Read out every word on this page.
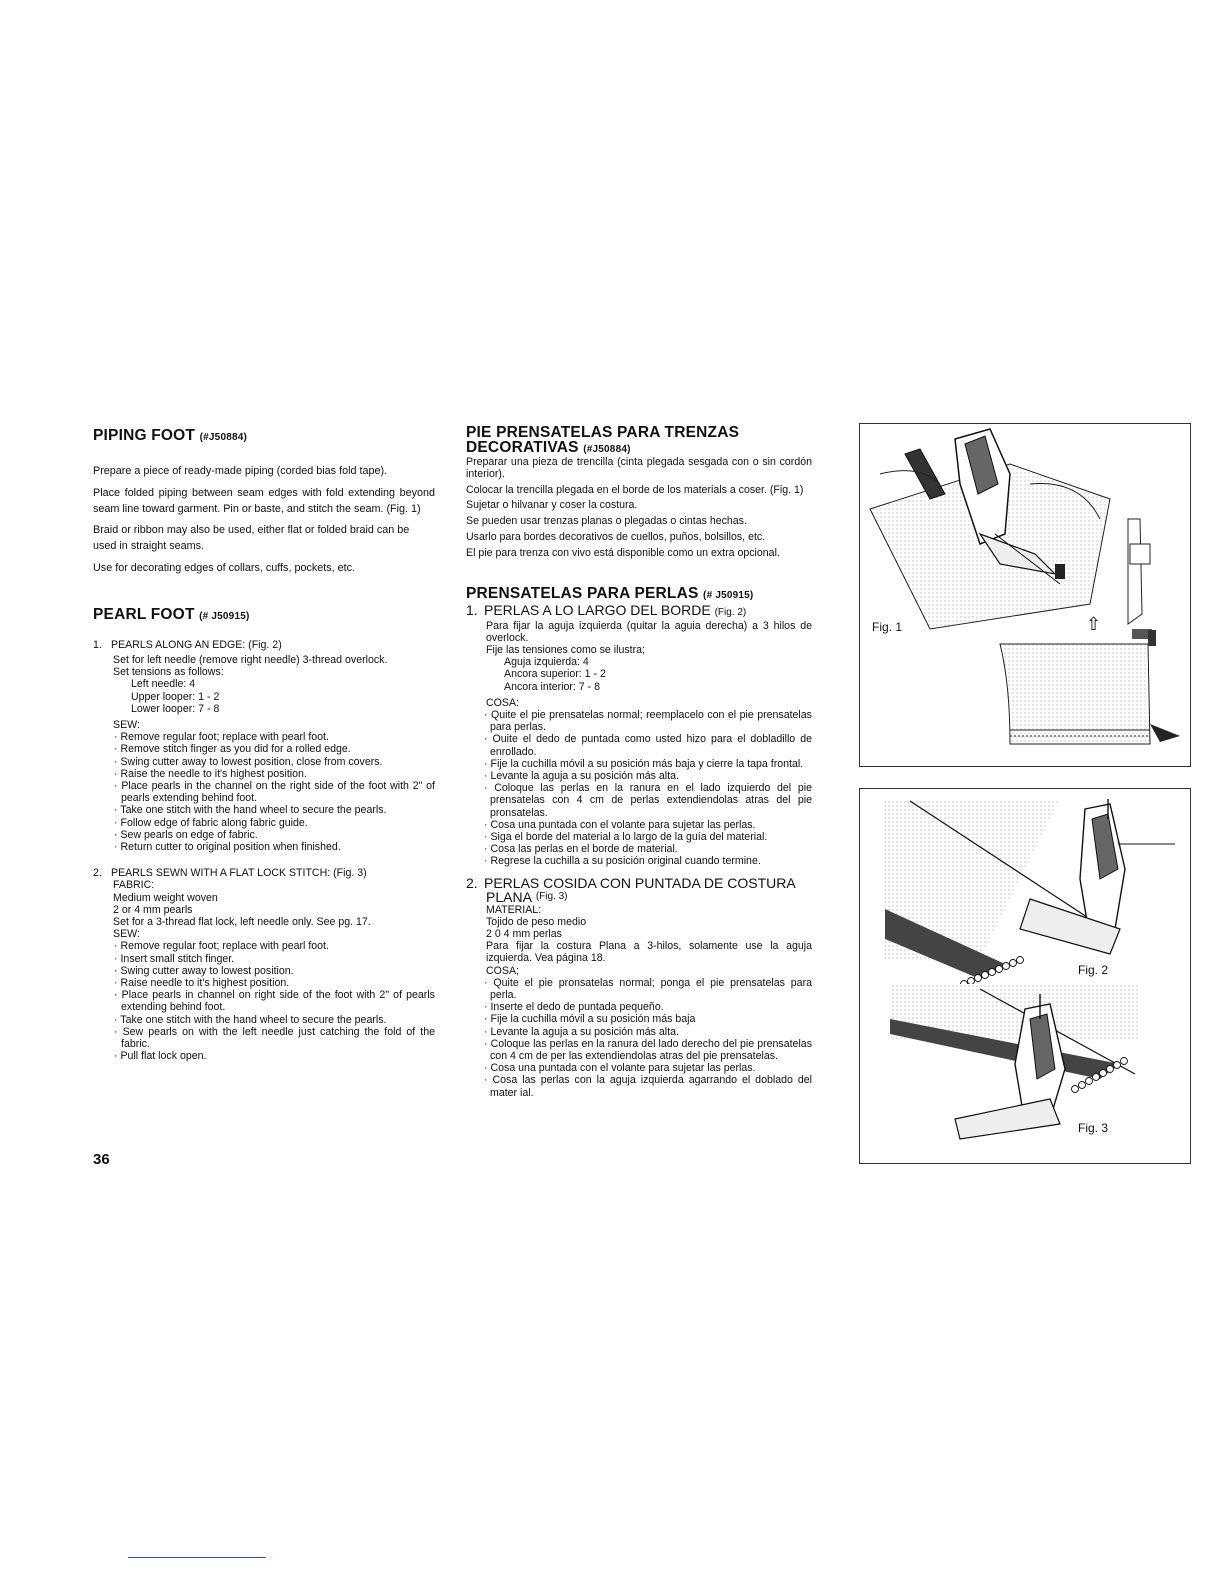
PIPING FOOT (#J50884)

Prepare a piece of ready-made piping (corded bias fold tape).

Place folded piping between seam edges with fold extending beyond seam line toward garment. Pin or baste, and stitch the seam. (Fig. 1)

Braid or ribbon may also be used, either flat or folded braid can be used in straight seams.

Use for decorating edges of collars, cuffs, pockets, etc.

PEARL FOOT (# J50915)
1. PEARLS ALONG AN EDGE: (Fig. 2)

Set for left needle (remove right needle) 3-thread overlock.

Set tensions as follows:

Left needle: 4

Upper looper: 1 - 2

Lower looper: 7 - 8

SEW:

· Remove regular foot; replace with pearl foot.

· Remove stitch finger as you did for a rolled edge.

· Swing cutter away to lowest position, close from covers.

· Raise the needle to it's highest position.

· Place pearls in the channel on the right side of the foot with 2" of pearls extending behind foot.

· Take one stitch with the hand wheel to secure the pearls.

· Follow edge of fabric along fabric guide.

· Sew pearls on edge of fabric.

· Return cutter to original position when finished.

2. PEARLS SEWN WITH A FLAT LOCK STITCH: (Fig. 3)

FABRIC:

Medium weight woven

2 or 4 mm pearls

Set for a 3-thread flat lock, left needle only. See pg. 17.

SEW:

· Remove regular foot; replace with pearl foot.

· Insert small stitch finger.

· Swing cutter away to lowest position.

· Raise needle to it's highest position.

· Place pearls in channel on right side of the foot with 2" of pearls extending behind foot.

· Take one stitch with the hand wheel to secure the pearls.

· Sew pearls on with the left needle just catching the fold of the fabric.

· Pull flat lock open.

PIE PRENSATELAS PARA TRENZAS
DECORATIVAS (#J50884)

Preparar una pieza de trencilla (cinta plegada sesgada con o sin cordón interior).

Colocar la trencilla plegada en el borde de los materials a coser. (Fig. 1)

Sujetar o hilvanar y coser la costura.

Se pueden usar trenzas planas o plegadas o cintas hechas.

Usarlo para bordes decorativos de cuellos, puños, bolsillos, etc.

El pie para trenza con vivo está disponible como un extra opcional.

PRENSATELAS PARA PERLAS (# J50915)
1. PERLAS A LO LARGO DEL BORDE (Fig. 2)

Para fijar la aguja izquierda (quitar la aguia derecha) a 3 hilos de overlock.

Fije las tensiones como se ilustra;

Aguja izquierda: 4

Ancora superior: 1 - 2

Ancora interior: 7 - 8

COSA:

· Quite el pie prensatelas normal; reemplacelo con el pie prensatelas para perlas.

· Ouite el dedo de puntada como usted hizo para el dobladillo de enrollado.

· Fije la cuchilla móvil a su posición más baja y cierre la tapa frontal.

· Levante la aguja a su posición más alta.

· Coloque las perlas en la ranura en el lado izquierdo del pie prensatelas con 4 cm de perlas extendiendolas atras del pie pronsatelas.

· Cosa una puntada con el volante para sujetar las perlas.

· Siga el borde del material a lo largo de la guía del material.

· Cosa las perlas en el borde de material.

· Regrese la cuchilla a su posición original cuando termine.

2. PERLAS COSIDA CON PUNTADA DE COSTURA
PLANA
(Fig. 3)

MATERIAL:

Tojido de peso medio

2 0 4 mm perlas

Para fijar la costura Plana a 3-hilos, solamente use la aguja izquierda. Vea página 18.

COSA;

· Quite el pie pronsatelas normal; ponga el pie prensatelas para perla.

· Inserte el dedo de puntada pequeño.

· Fije la cuchilla móvil a su posición más baja

· Levante la aguja a su posición más alta.

· Coloque las perlas en la ranura del lado derecho del pie prensatelas con 4 cm de per las extendiendolas atras del pie prensatelas.

· Cosa una puntada con el volante para sujetar las perlas.

· Cosa las perlas con la aguja izquierda agarrando el doblado del mater ial.

36
Fig. 1	⇧
Fig. 2
Fig. 3
